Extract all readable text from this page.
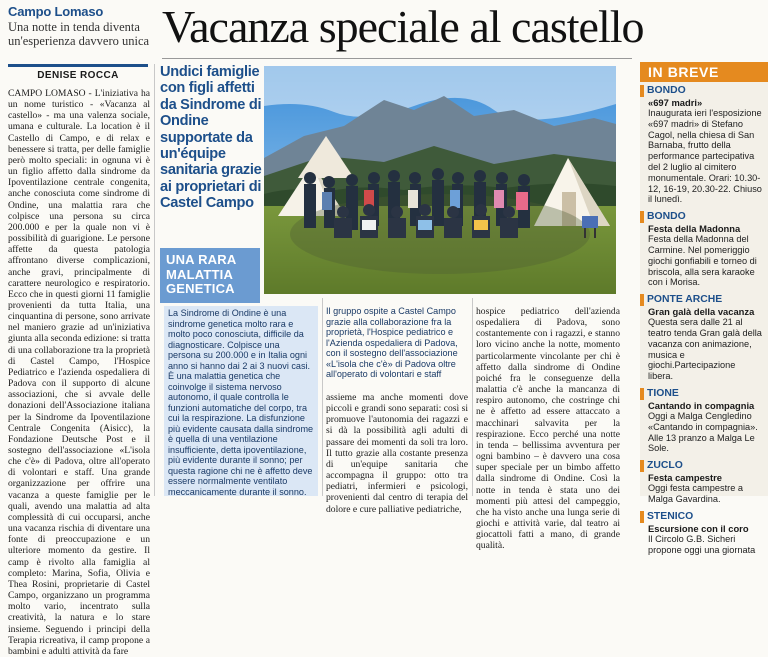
Campo Lomaso
Una notte in tenda diventa un'esperienza davvero unica Vacanza speciale al castello
DENISE ROCCA

CAMPO LOMASO - L'iniziativa ha un nome turistico - «Vacanza al castello» - ma una valenza sociale, umana e culturale. La location è il Castello di Campo, e di relax e benessere si tratta, per delle famiglie però molto speciali: in ognuna vi è un figlio affetto dalla sindrome da Ipoventilazione centrale congenita, anche conosciuta come sindrome di Ondine, una malattia rara che colpisce una persona su circa 200.000 e per la quale non vi è possibilità di guarigione. Le persone affette da questa patologia affrontano diverse complicazioni, anche gravi, principalmente di carattere neurologico e respiratorio. Ecco che in questi giorni 11 famiglie provenienti da tutta Italia, una cinquantina di persone, sono arrivate nel maniero grazie ad un'iniziativa giunta alla seconda edizione: si tratta di una collaborazione tra la proprietà di Castel Campo, l'Hospice Pediatrico e l'azienda ospedaliera di Padova con il supporto di alcune associazioni, che si avvale delle donazioni dell'Associazione italiana per la Sindrome da Ipoventilazione Centrale Congenita (Aisicc), la Fondazione Deutsche Post e il sostegno dell'associazione «L'isola che c'è» di Padova, oltre all'operato di volontari e staff. Una grande organizzazione per offrire una vacanza a queste famiglie per le quali, avendo una malattia ad alta complessità di cui occuparsi, anche una vacanza rischia di diventare una fonte di preoccupazione e un ulteriore momento da gestire. Il camp è rivolto alla famiglia al completo: Marina, Sofia, Olivia e Thea Rosini, proprietarie di Castel Campo, organizzano un programma molto vario, incentrato sulla creatività, la natura e lo stare insieme. Seguendo i principi della Terapia ricreativa, il camp propone a bambini e adulti attività da fare

Undici famiglie con figli affetti da Sindrome di Ondine supportate da un'équipe sanitaria grazie ai proprietari di Castel Campo
UNA RARA MALATTIA GENETICA

La Sindrome di Ondine è una sindrome genetica molto rara e molto poco conosciuta, difficile da diagnosticare. Colpisce una persona su 200.000 e in Italia ogni anno si hanno dai 2 ai 3 nuovi casi. È una malattia genetica che coinvolge il sistema nervoso autonomo, il quale controlla le funzioni automatiche del corpo, tra cui la respirazione. La disfunzione più evidente causata dalla sindrome è quella di una ventilazione insufficiente, detta ipoventilazione, più evidente durante il sonno; per questa ragione chi ne è affetto deve essere normalmente ventilato meccanicamente durante il sonno.

Il gruppo ospite a Castel Campo grazie alla collaborazione fra la proprietà, l'Hospice pediatrico e l'Azienda ospedaliera di Padova, con il sostegno dell'associazione «L'isola che c'è» di Padova oltre all'operato di volontari e staff

assieme ma anche momenti dove piccoli e grandi sono separati: così si promuove l'autonomia dei ragazzi e si dà la possibilità agli adulti di passare dei momenti da soli tra loro. Il tutto grazie alla costante presenza di un'equipe sanitaria che accompagna il gruppo: otto tra pediatri, infermieri e psicologi, provenienti dal centro di terapia del dolore e cure palliative pediatriche,

hospice pediatrico dell'azienda ospedaliera di Padova, sono costantemente con i ragazzi, e stanno loro vicino anche la notte, momento particolarmente vincolante per chi è affetto dalla sindrome di Ondine poiché fra le conseguenze della malattia c'è anche la mancanza di respiro autonomo, che costringe chi ne è affetto ad essere attaccato a macchinari salvavita per la respirazione. Ecco perché una notte in tenda – bellissima avventura per ogni bambino – è davvero una cosa super speciale per un bimbo affetto dalla sindrome di Ondine. Così la notte in tenda è stata uno dei momenti più attesi del campeggio, che ha visto anche una lunga serie di giochi e attività varie, dal teatro ai giocattoli fatti a mano, di grande qualità.

IN BREVE
BONDO
«697 madri»
Inaugurata ieri l'esposizione «697 madri» di Stefano Cagol, nella chiesa di San Barnaba, frutto della performance partecipativa del 2 luglio al cimitero monumentale. Orari: 10.30-12, 16-19, 20.30-22. Chiuso il lunedì.
BONDO
Festa della Madonna
Festa della Madonna del Carmine. Nel pomeriggio giochi gonfiabili e torneo di briscola, alla sera karaoke con i Morisa.
PONTE ARCHE
Gran galà della vacanza
Questa sera dalle 21 al teatro tenda Gran galà della vacanza con animazione, musica e giochi.Partecipazione libera.
TIONE
Cantando in compagnia
Oggi a Malga Cengledino «Cantando in compagnia». Alle 13 pranzo a Malga Le Sole.
ZUCLO
Festa campestre
Oggi festa campestre a Malga Gavardina.
STENICO
Escursione con il coro
Il Circolo G.B. Sicheri propone oggi una giornata
